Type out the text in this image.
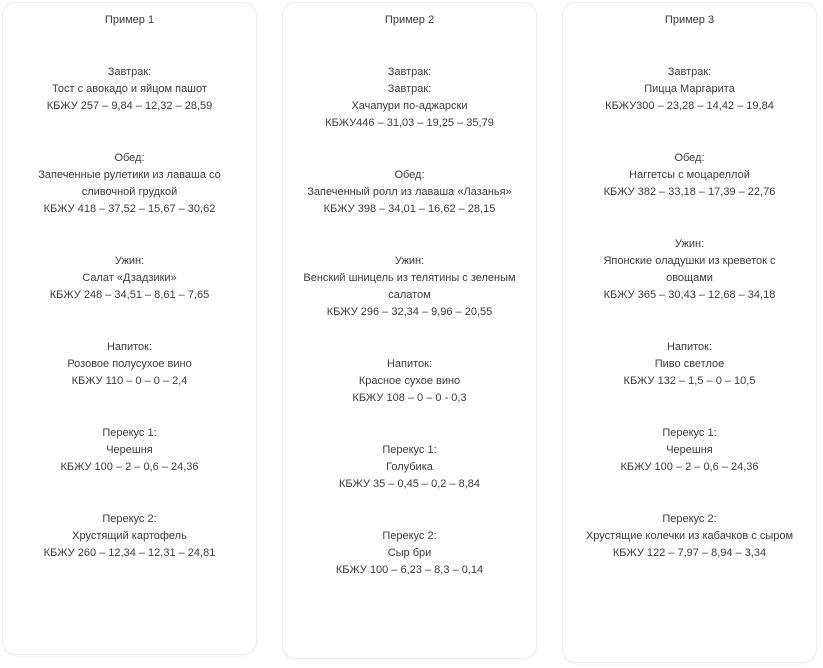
Пример 1
Завтрак:
Тост с авокадо и яйцом пашот
КБЖУ 257 – 9,84 – 12,32 – 28,59
Обед:
Запеченные рулетики из лаваша со сливочной грудкой
КБЖУ 418 – 37,52 – 15,67 – 30,62
Ужин:
Салат «Дзадзики»
КБЖУ 248 – 34,51 – 8,61 – 7,65
Напиток:
Розовое полусухое вино
КБЖУ 110 – 0 – 0 – 2,4
Перекус 1:
Черешня
КБЖУ 100 – 2 – 0,6 – 24,36
Перекус 2:
Хрустящий картофель
КБЖУ 260 – 12,34 – 12,31 – 24,81
Пример 2
Завтрак:
Завтрак:
Хачапури по-аджарски
КБЖУ446 – 31,03 – 19,25 – 35,79
Обед:
Запеченный ролл из лаваша «Лазанья»
КБЖУ 398 – 34,01 – 16,62 – 28,15
Ужин:
Венский шницель из телятины с зеленым салатом
КБЖУ 296 – 32,34 – 9,96 – 20,55
Напиток:
Красное сухое вино
КБЖУ 108 – 0 – 0 - 0,3
Перекус 1:
Голубика
КБЖУ 35 – 0,45 – 0,2 – 8,84
Перекус 2:
Сыр бри
КБЖУ 100 – 6,23 – 8,3 – 0,14
Пример 3
Завтрак:
Пицца Маргарита
КБЖУ300 – 23,28 – 14,42 – 19,84
Обед:
Наггетсы с моцареллой
КБЖУ 382 – 33,18 – 17,39 – 22,76
Ужин:
Японские оладушки из креветок с овощами
КБЖУ 365 – 30,43 – 12,68 – 34,18
Напиток:
Пиво светлое
КБЖУ 132 – 1,5 – 0 – 10,5
Перекус 1:
Черешня
КБЖУ 100 – 2 – 0,6 – 24,36
Перекус 2:
Хрустящие колечки из кабачков с сыром
КБЖУ 122 – 7,97 – 8,94 – 3,34
